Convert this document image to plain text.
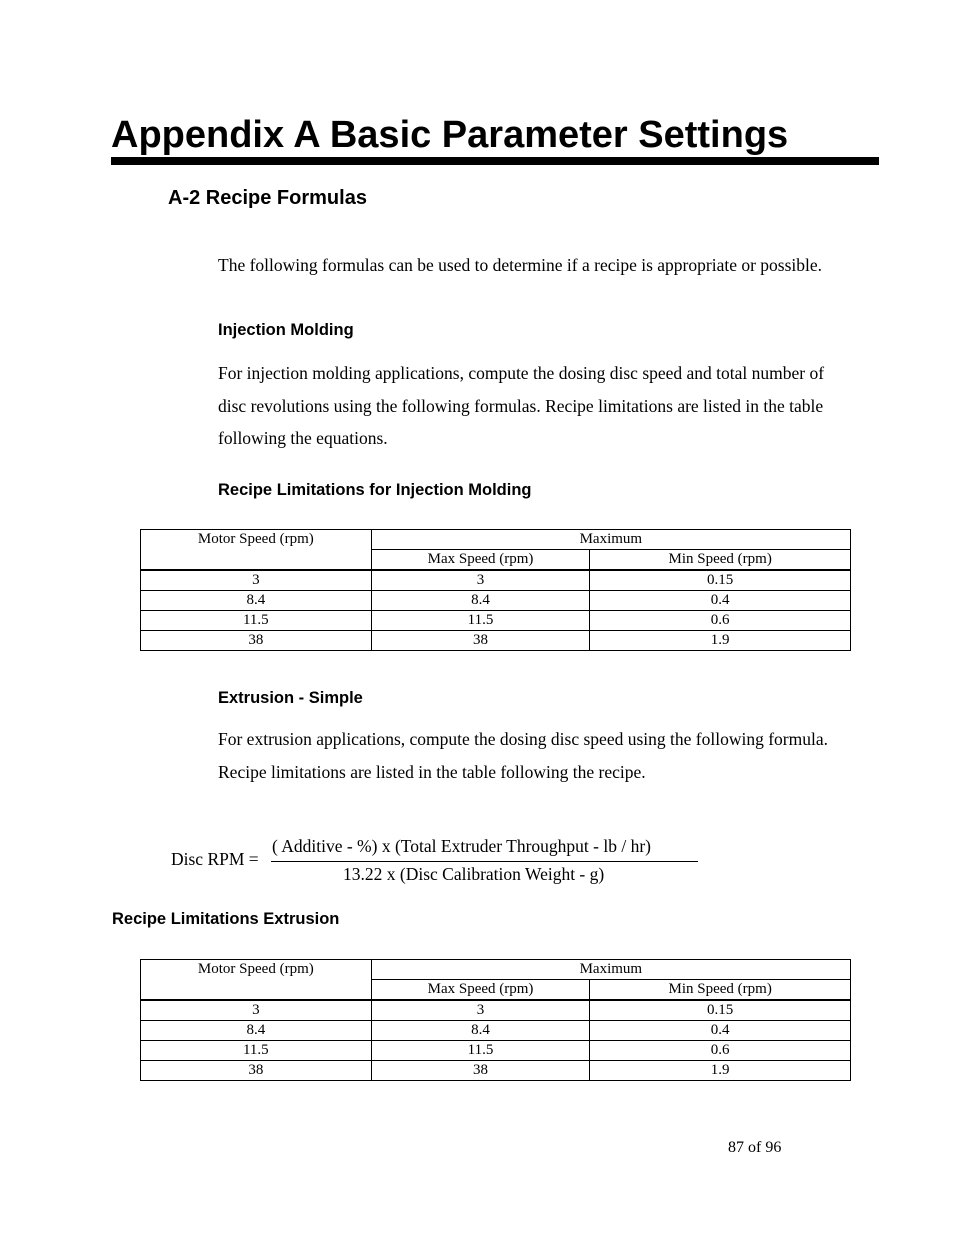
Appendix A Basic Parameter Settings
A-2 Recipe Formulas
The following formulas can be used to determine if a recipe is appropriate or possible.
Injection Molding
For injection molding applications, compute the dosing disc speed and total number of
disc revolutions using the following formulas. Recipe limitations are listed in the table
following the equations.
Recipe Limitations for Injection Molding
Motor Speed (rpm)	Maximum	
	Max Speed (rpm)	Min Speed (rpm)
3	3	0.15
8.4	8.4	0.4
11.5	11.5	0.6
38	38	1.9
Extrusion - Simple
For extrusion applications, compute the dosing disc speed using the following formula.
Recipe limitations are listed in the table following the recipe.
Disc RPM =
( Additive - %) x (Total Extruder Throughput - lb / hr)
13.22 x (Disc Calibration Weight - g)
Recipe Limitations Extrusion
Motor Speed (rpm)	Maximum	
	Max Speed (rpm)	Min Speed (rpm)
3	3	0.15
8.4	8.4	0.4
11.5	11.5	0.6
38	38	1.9
87 of 96
